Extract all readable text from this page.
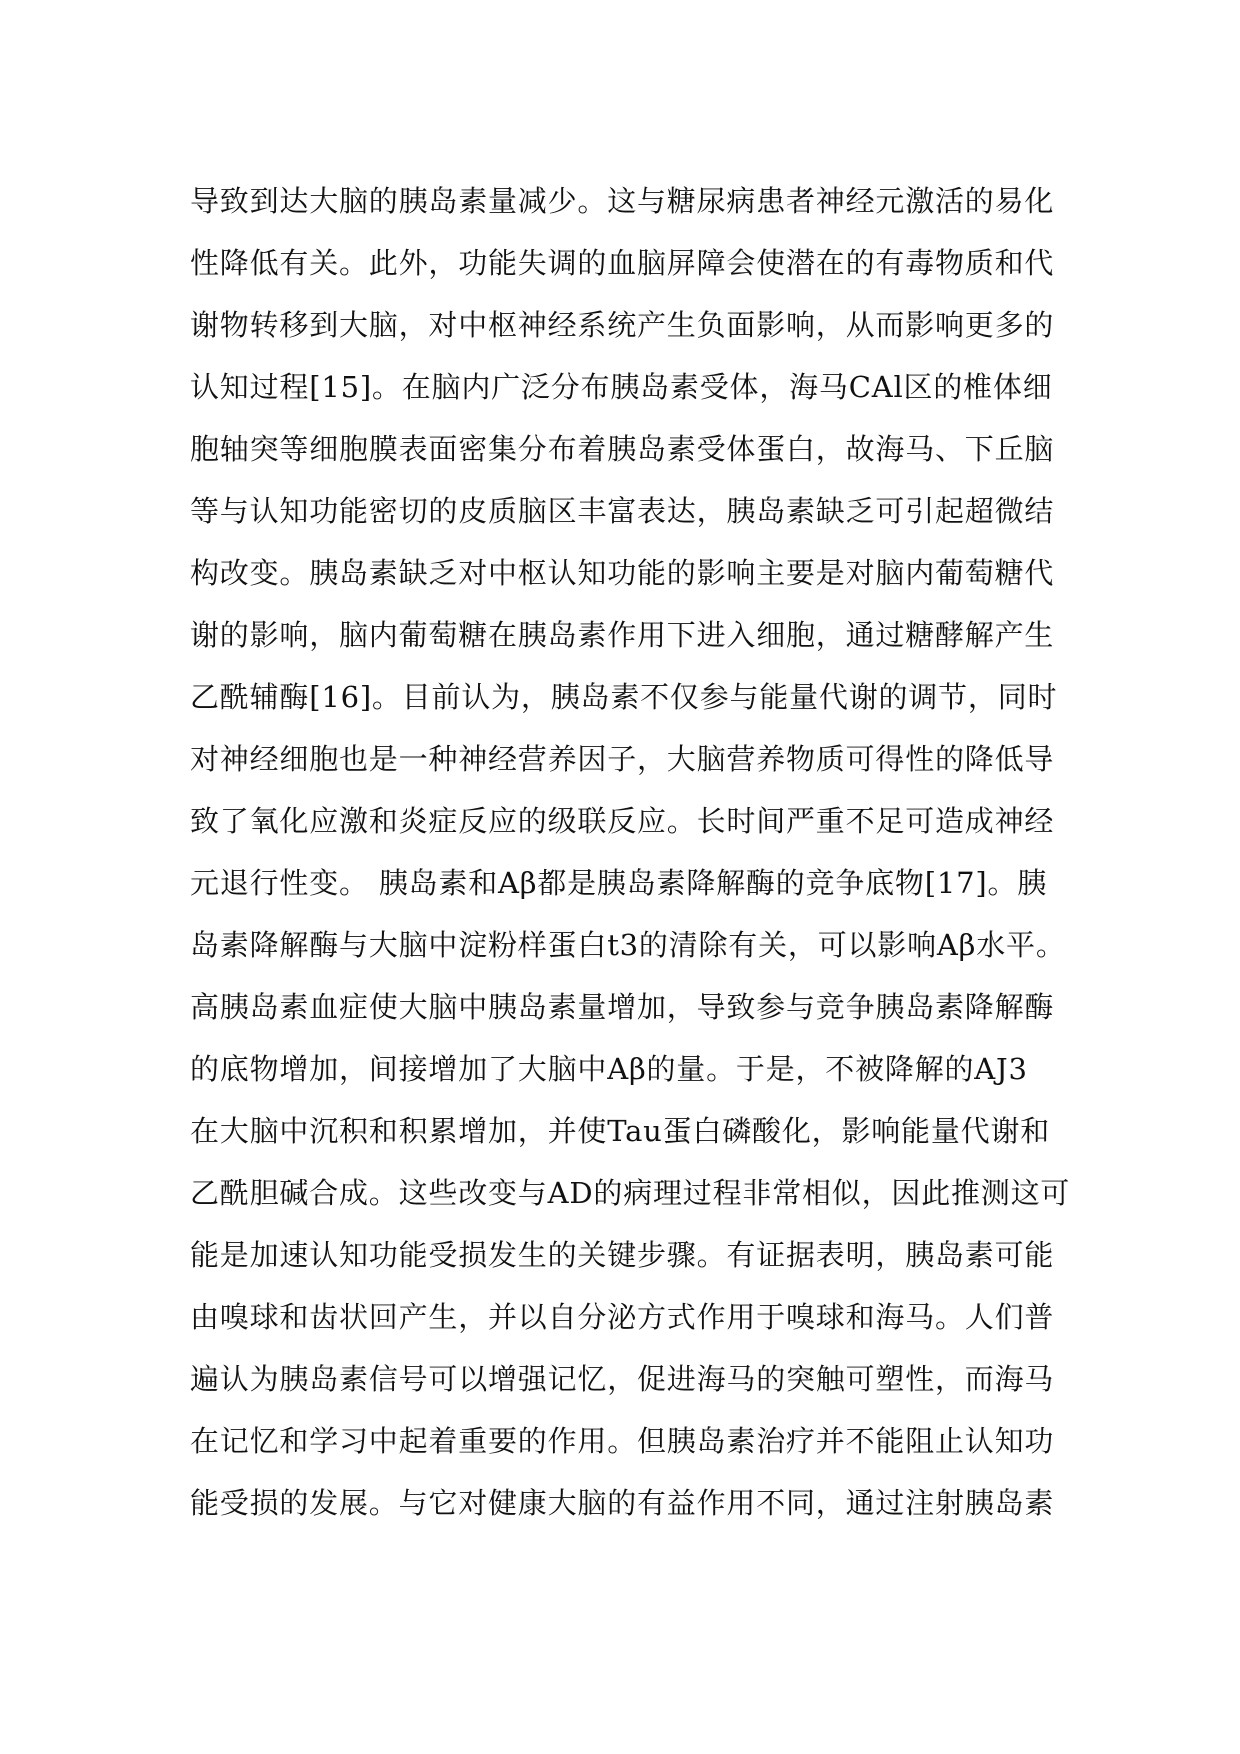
导致到达大脑的胰岛素量减少。这与糖尿病患者神经元激活的易化
性降低有关。此外，功能失调的血脑屏障会使潜在的有毒物质和代
谢物转移到大脑，对中枢神经系统产生负面影响，从而影响更多的
认知过程[15]。在脑内广泛分布胰岛素受体，海马CAl区的椎体细
胞轴突等细胞膜表面密集分布着胰岛素受体蛋白，故海马、下丘脑
等与认知功能密切的皮质脑区丰富表达，胰岛素缺乏可引起超微结
构改变。胰岛素缺乏对中枢认知功能的影响主要是对脑内葡萄糖代
谢的影响，脑内葡萄糖在胰岛素作用下进入细胞，通过糖酵解产生
乙酰辅酶[16]。目前认为，胰岛素不仅参与能量代谢的调节，同时
对神经细胞也是一种神经营养因子，大脑营养物质可得性的降低导
致了氧化应激和炎症反应的级联反应。长时间严重不足可造成神经
元退行性变。 胰岛素和Aβ都是胰岛素降解酶的竞争底物[17]。胰
岛素降解酶与大脑中淀粉样蛋白t3的清除有关，可以影响Aβ水平。
高胰岛素血症使大脑中胰岛素量增加，导致参与竞争胰岛素降解酶
的底物增加，间接增加了大脑中Aβ的量。于是，不被降解的AJ3
在大脑中沉积和积累增加，并使Tau蛋白磷酸化，影响能量代谢和
乙酰胆碱合成。这些改变与AD的病理过程非常相似，因此推测这可
能是加速认知功能受损发生的关键步骤。有证据表明，胰岛素可能
由嗅球和齿状回产生，并以自分泌方式作用于嗅球和海马。人们普
遍认为胰岛素信号可以增强记忆，促进海马的突触可塑性，而海马
在记忆和学习中起着重要的作用。但胰岛素治疗并不能阻止认知功
能受损的发展。与它对健康大脑的有益作用不同，通过注射胰岛素
